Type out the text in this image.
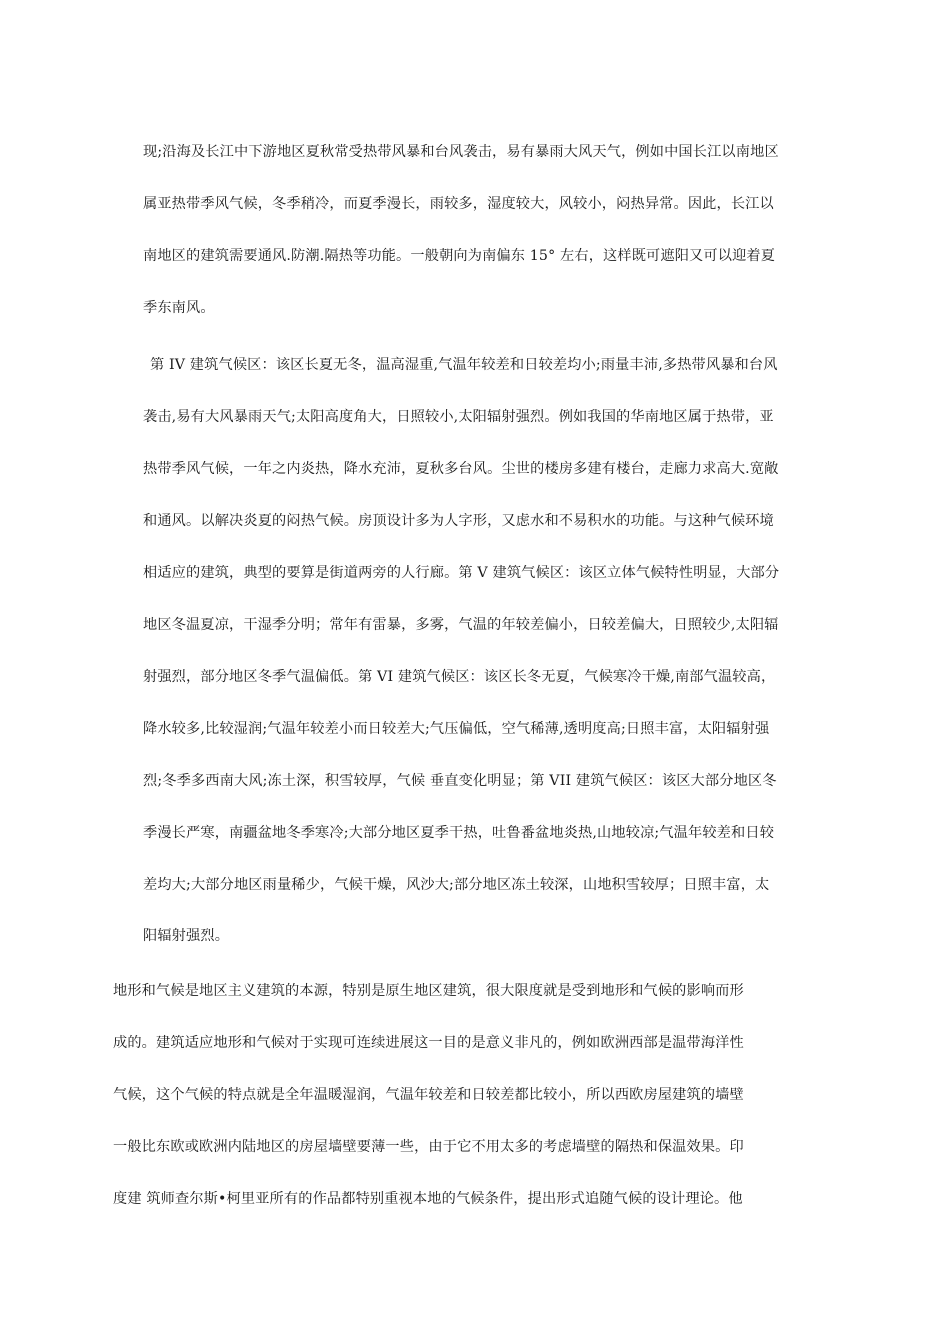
现;沿海及长江中下游地区夏秋常受热带风暴和台风袭击，易有暴雨大风天气，例如中国长江以南地区
属亚热带季风气候，冬季稍冷，而夏季漫长，雨较多，湿度较大，风较小，闷热异常。因此，长江以
南地区的建筑需要通风.防潮.隔热等功能。一般朝向为南偏东 15° 左右，这样既可遮阳又可以迎着夏
季东南风。
第 IV 建筑气候区：该区长夏无冬，温高湿重,气温年较差和日较差均小;雨量丰沛,多热带风暴和台风
袭击,易有大风暴雨天气;太阳高度角大，日照较小,太阳辐射强烈。例如我国的华南地区属于热带，亚
热带季风气候，一年之内炎热，降水充沛，夏秋多台风。尘世的楼房多建有楼台，走廊力求高大.宽敞
和通风。以解决炎夏的闷热气候。房顶设计多为人字形，又虑水和不易积水的功能。与这种气候环境
相适应的建筑，典型的要算是街道两旁的人行廊。第 V 建筑气候区：该区立体气候特性明显，大部分
地区冬温夏凉，干湿季分明；常年有雷暴，多雾，气温的年较差偏小，日较差偏大，日照较少,太阳辐
射强烈，部分地区冬季气温偏低。第 VI 建筑气候区：该区长冬无夏，气候寒冷干燥,南部气温较高，
降水较多,比较湿润;气温年较差小而日较差大;气压偏低，空气稀薄,透明度高;日照丰富，太阳辐射强
烈;冬季多西南大风;冻土深，积雪较厚，气候 垂直变化明显；第 VII 建筑气候区：该区大部分地区冬
季漫长严寒，南疆盆地冬季寒冷;大部分地区夏季干热，吐鲁番盆地炎热,山地较凉;气温年较差和日较
差均大;大部分地区雨量稀少，气候干燥，风沙大;部分地区冻土较深，山地积雪较厚；日照丰富，太
阳辐射强烈。
地形和气候是地区主义建筑的本源，特别是原生地区建筑，很大限度就是受到地形和气候的影响而形
成的。建筑适应地形和气候对于实现可连续进展这一目的是意义非凡的，例如欧洲西部是温带海洋性
气候，这个气候的特点就是全年温暖湿润，气温年较差和日较差都比较小，所以西欧房屋建筑的墙壁
一般比东欧或欧洲内陆地区的房屋墙壁要薄一些，由于它不用太多的考虑墙壁的隔热和保温效果。印
度建 筑师查尔斯•柯里亚所有的作品都特别重视本地的气候条件，提出形式追随气候的设计理论。他
